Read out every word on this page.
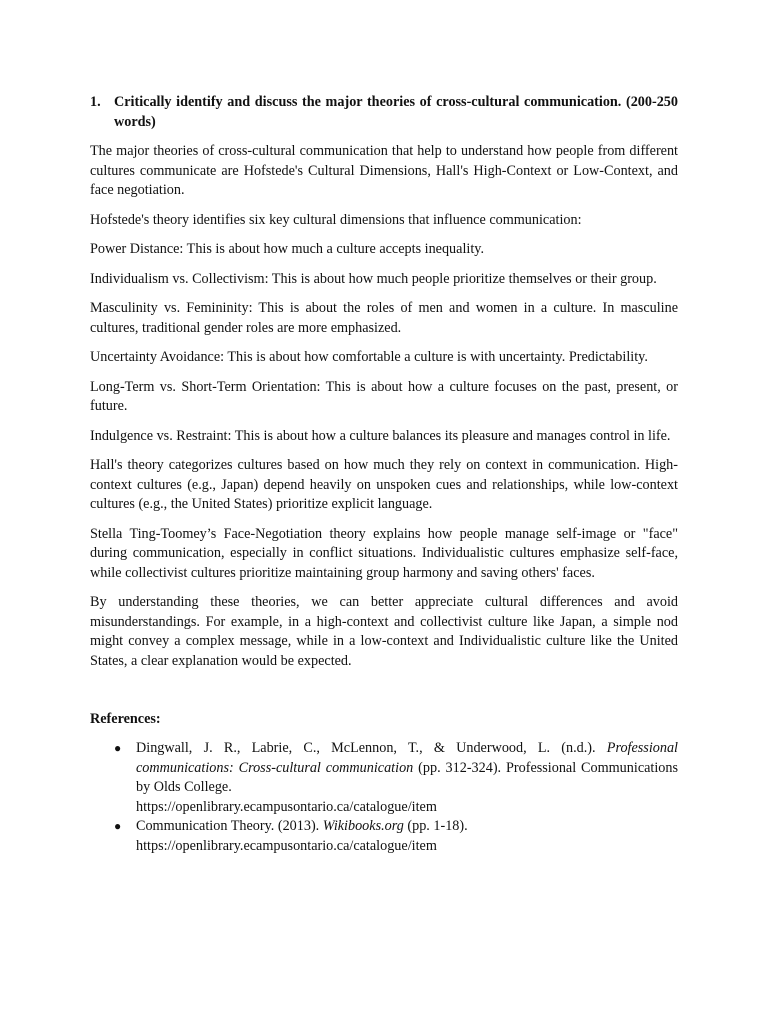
1. Critically identify and discuss the major theories of cross-cultural communication. (200-250 words)

The major theories of cross-cultural communication that help to understand how people from different cultures communicate are Hofstede's Cultural Dimensions, Hall's High-Context or Low-Context, and face negotiation.

Hofstede's theory identifies six key cultural dimensions that influence communication:

Power Distance: This is about how much a culture accepts inequality.

Individualism vs. Collectivism: This is about how much people prioritize themselves or their group.

Masculinity vs. Femininity: This is about the roles of men and women in a culture. In masculine cultures, traditional gender roles are more emphasized.

Uncertainty Avoidance: This is about how comfortable a culture is with uncertainty. Predictability.

Long-Term vs. Short-Term Orientation: This is about how a culture focuses on the past, present, or future.

Indulgence vs. Restraint: This is about how a culture balances its pleasure and manages control in life.

Hall's theory categorizes cultures based on how much they rely on context in communication. High-context cultures (e.g., Japan) depend heavily on unspoken cues and relationships, while low-context cultures (e.g., the United States) prioritize explicit language.

Stella Ting-Toomey’s Face-Negotiation theory explains how people manage self-image or "face" during communication, especially in conflict situations. Individualistic cultures emphasize self-face, while collectivist cultures prioritize maintaining group harmony and saving others' faces.

By understanding these theories, we can better appreciate cultural differences and avoid misunderstandings. For example, in a high-context and collectivist culture like Japan, a simple nod might convey a complex message, while in a low-context and Individualistic culture like the United States, a clear explanation would be expected.

References:
● Dingwall, J. R., Labrie, C., McLennon, T., & Underwood, L. (n.d.). Professional communications: Cross-cultural communication (pp. 312-324). Professional Communications by Olds College.
https://openlibrary.ecampusontario.ca/catalogue/item
● Communication Theory. (2013). Wikibooks.org (pp. 1-18).
https://openlibrary.ecampusontario.ca/catalogue/item
